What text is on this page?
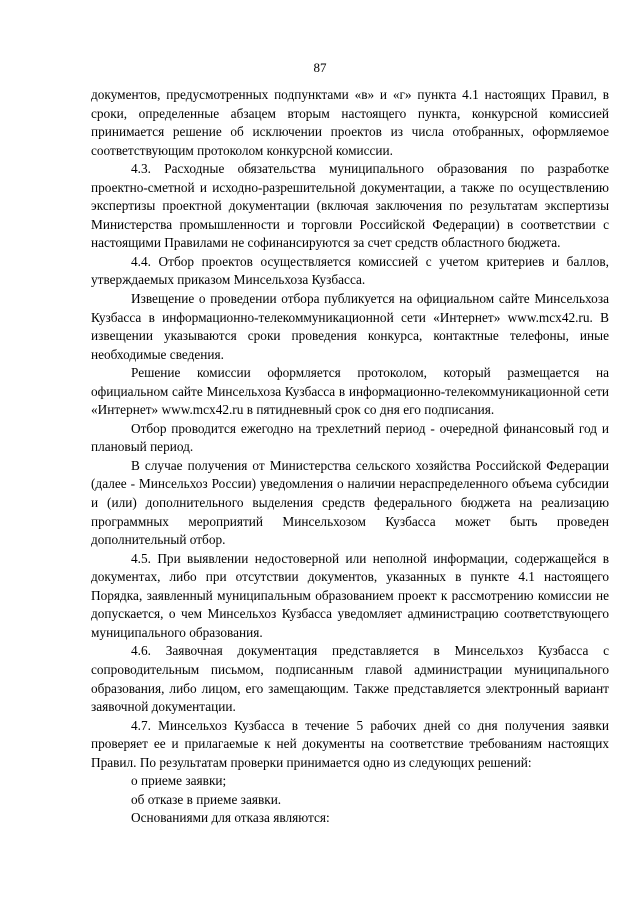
87

документов, предусмотренных подпунктами «в» и «г» пункта 4.1 настоящих Правил, в сроки, определенные абзацем вторым настоящего пункта, конкурсной комиссией принимается решение об исключении проектов из числа отобранных, оформляемое соответствующим протоколом конкурсной комиссии.

4.3. Расходные обязательства муниципального образования по разработке проектно-сметной и исходно-разрешительной документации, а также по осуществлению экспертизы проектной документации (включая заключения по результатам экспертизы Министерства промышленности и торговли Российской Федерации) в соответствии с настоящими Правилами не софинансируются за счет средств областного бюджета.

4.4. Отбор проектов осуществляется комиссией с учетом критериев и баллов, утверждаемых приказом Минсельхоза Кузбасса.

Извещение о проведении отбора публикуется на официальном сайте Минсельхоза Кузбасса в информационно-телекоммуникационной сети «Интернет» www.mcx42.ru. В извещении указываются сроки проведения конкурса, контактные телефоны, иные необходимые сведения.

Решение комиссии оформляется протоколом, который размещается на официальном сайте Минсельхоза Кузбасса в информационно-телекоммуникационной сети «Интернет» www.mcx42.ru в пятидневный срок со дня его подписания.

Отбор проводится ежегодно на трехлетний период - очередной финансовый год и плановый период.

В случае получения от Министерства сельского хозяйства Российской Федерации (далее - Минсельхоз России) уведомления о наличии нераспределенного объема субсидии и (или) дополнительного выделения средств федерального бюджета на реализацию программных мероприятий Минсельхозом Кузбасса может быть проведен дополнительный отбор.

4.5. При выявлении недостоверной или неполной информации, содержащейся в документах, либо при отсутствии документов, указанных в пункте 4.1 настоящего Порядка, заявленный муниципальным образованием проект к рассмотрению комиссии не допускается, о чем Минсельхоз Кузбасса уведомляет администрацию соответствующего муниципального образования.

4.6. Заявочная документация представляется в Минсельхоз Кузбасса с сопроводительным письмом, подписанным главой администрации муниципального образования, либо лицом, его замещающим. Также представляется электронный вариант заявочной документации.

4.7. Минсельхоз Кузбасса в течение 5 рабочих дней со дня получения заявки проверяет ее и прилагаемые к ней документы на соответствие требованиям настоящих Правил. По результатам проверки принимается одно из следующих решений:

о приеме заявки;

об отказе в приеме заявки.

Основаниями для отказа являются:
